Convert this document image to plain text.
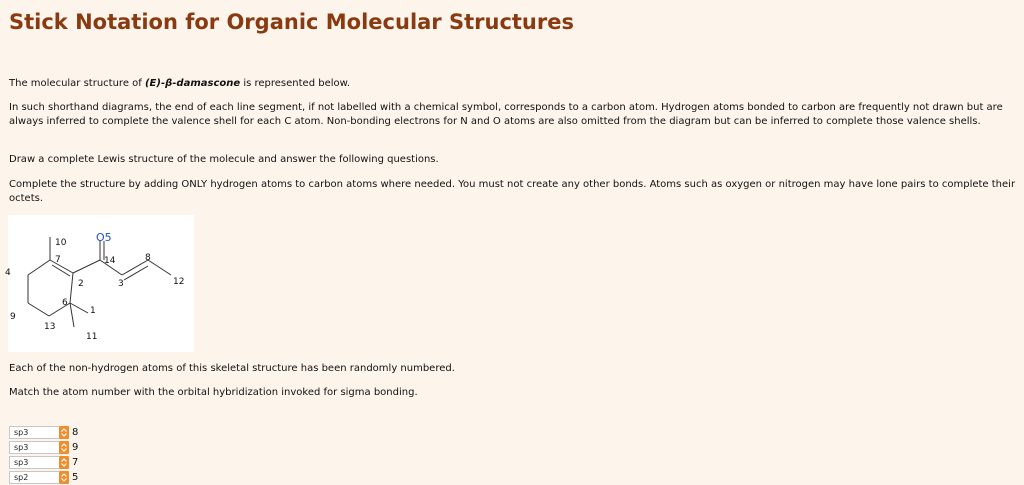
Stick Notation for Organic Molecular Structures

The molecular structure of (E)-β-damascone is represented below.

In such shorthand diagrams, the end of each line segment, if not labelled with a chemical symbol, corresponds to a carbon atom. Hydrogen atoms bonded to carbon are frequently not drawn but are always inferred to complete the valence shell for each C atom. Non-bonding electrons for N and O atoms are also omitted from the diagram but can be inferred to complete those valence shells.

Draw a complete Lewis structure of the molecule and answer the following questions.

Complete the structure by adding ONLY hydrogen atoms to carbon atoms where needed. You must not create any other bonds. Atoms such as oxygen or nitrogen may have lone pairs to complete their octets.

10	O5
7	14	8
4
2	3	12
6
1
9
13
11

Each of the non-hydrogen atoms of this skeletal structure has been randomly numbered.

Match the atom number with the orbital hybridization invoked for sigma bonding.

sp3	8
sp3	9
sp3	7
sp2	5
